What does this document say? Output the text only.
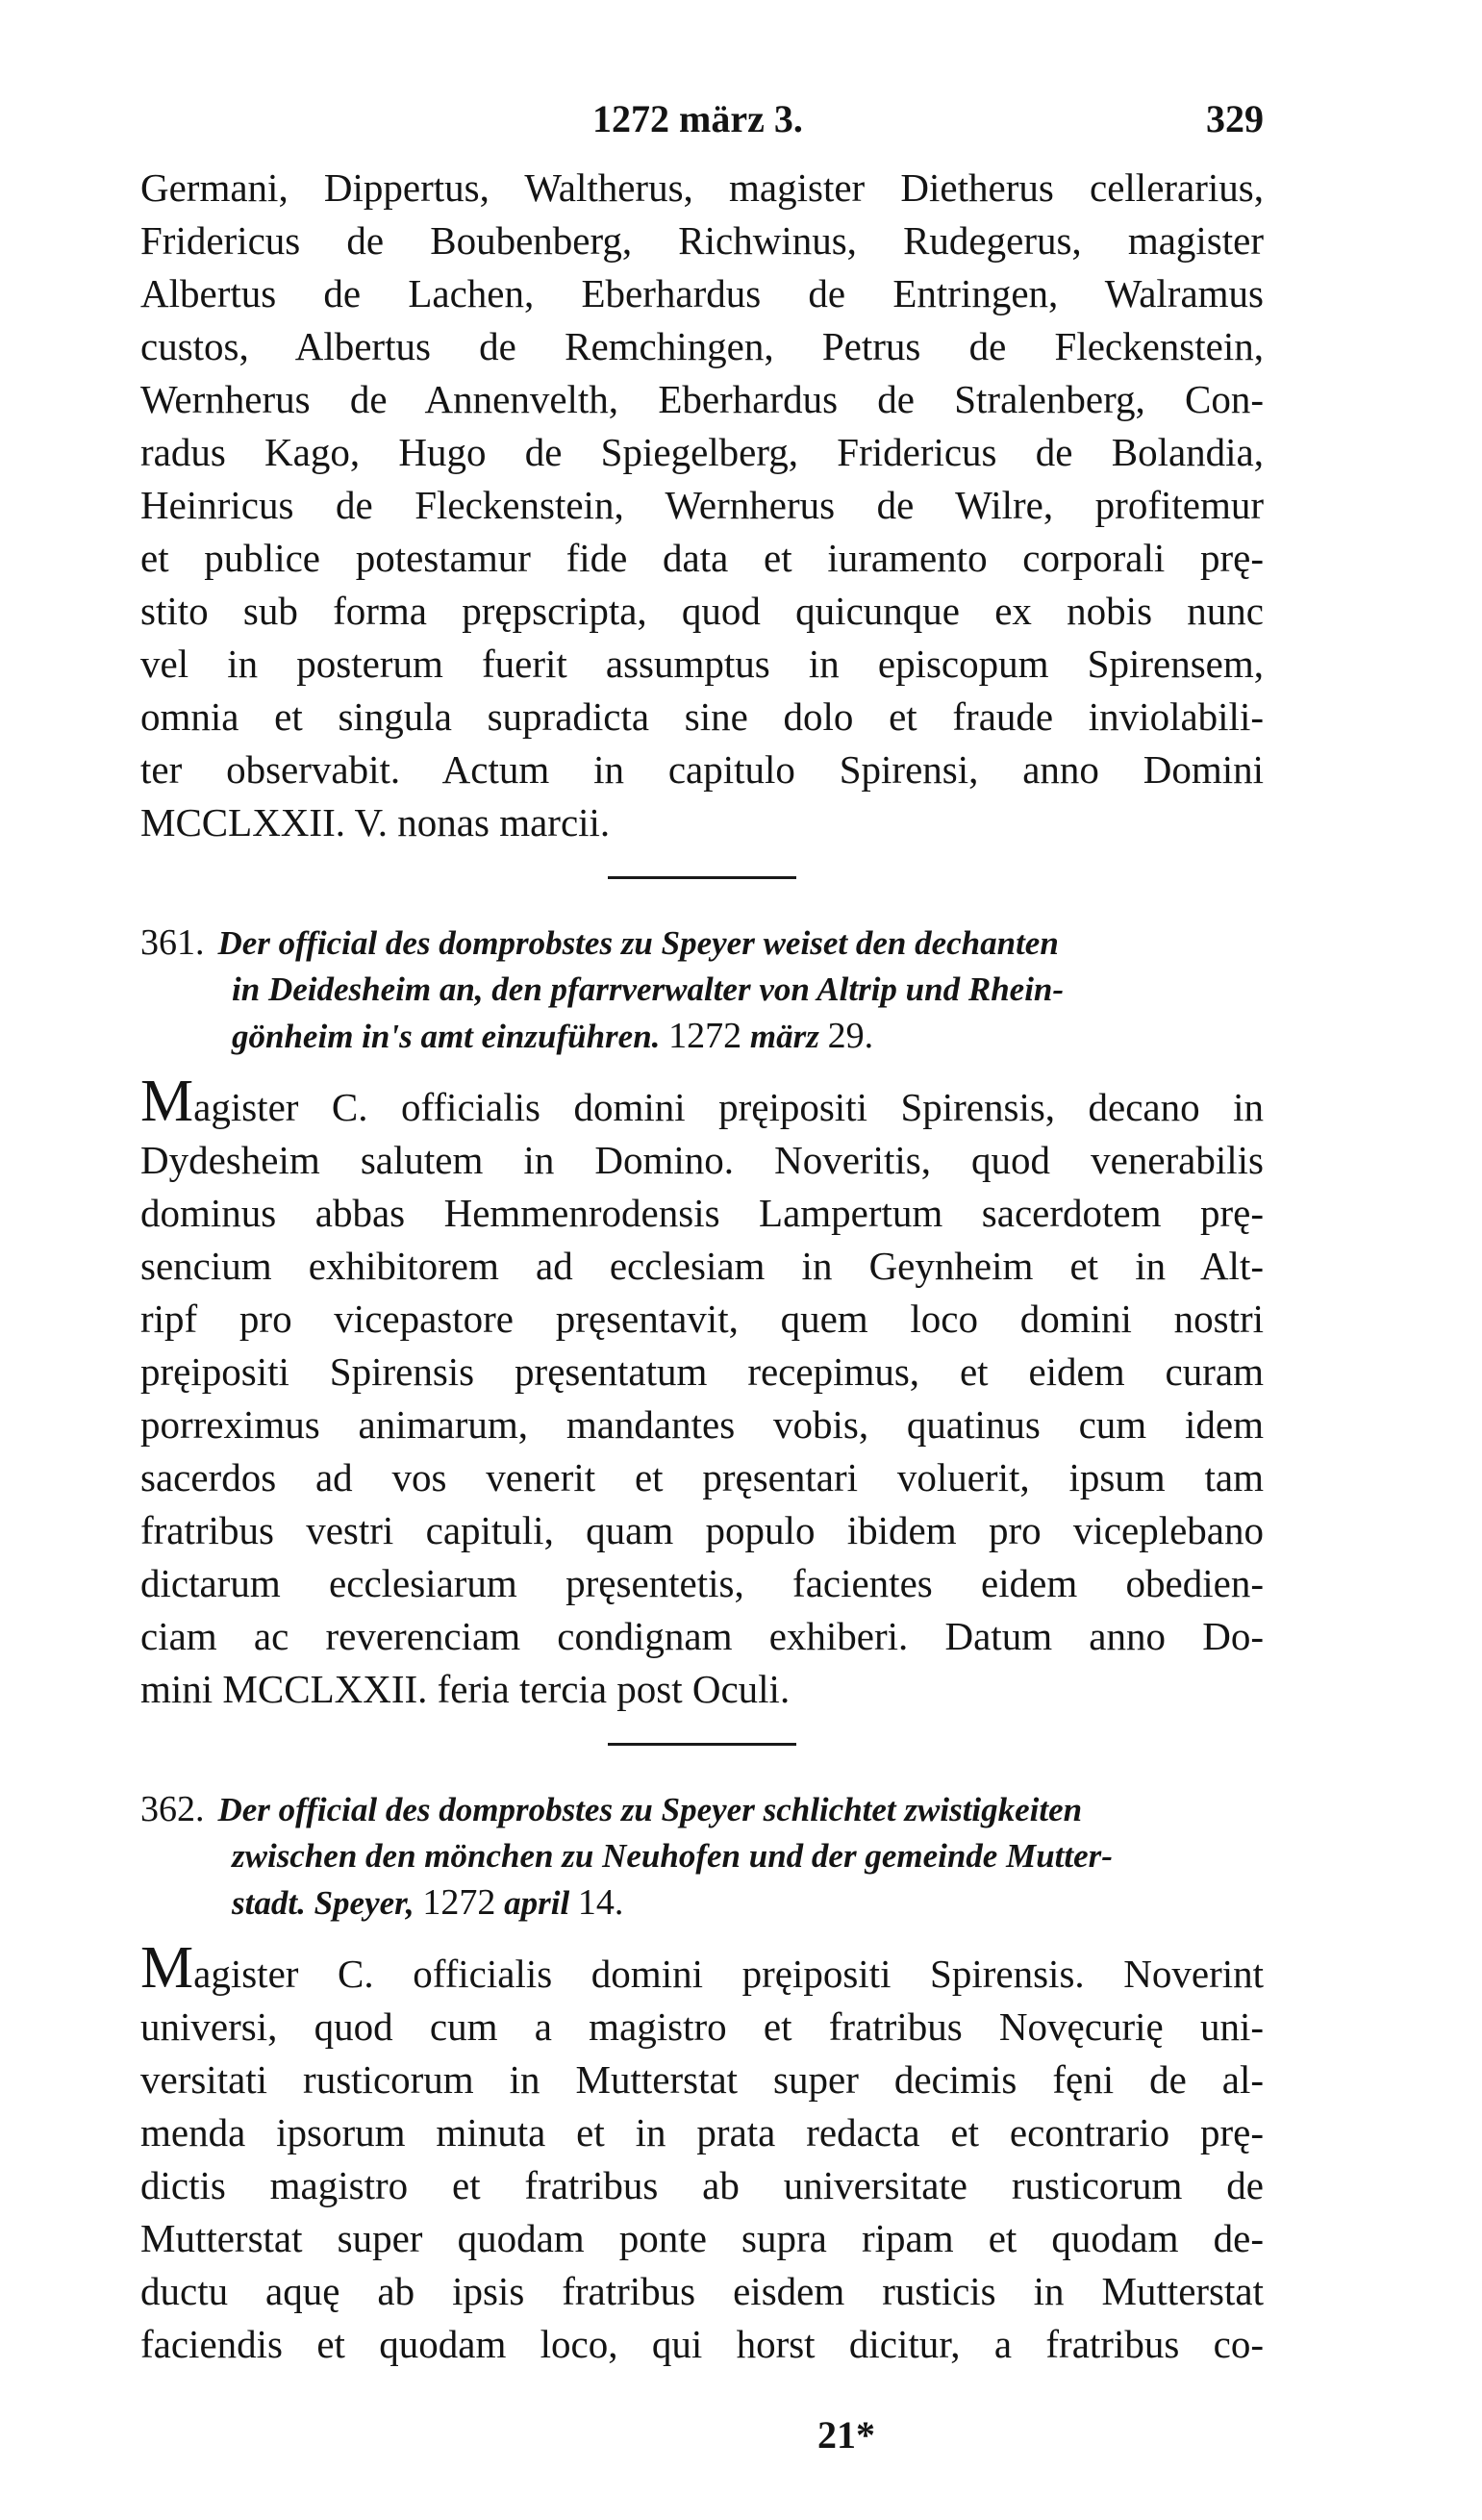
1272 märz 3.	329
Germani, Dippertus, Waltherus, magister Dietherus cellerarius,
Fridericus de Boubenberg, Richwinus, Rudegerus, magister
Albertus de Lachen, Eberhardus de Entringen, Walramus
custos, Albertus de Remchingen, Petrus de Fleckenstein,
Wernherus de Annenvelth, Eberhardus de Stralenberg, Con-
radus Kago, Hugo de Spiegelberg, Fridericus de Bolandia,
Heinricus de Fleckenstein, Wernherus de Wilre, profitemur
et publice potestamur fide data et iuramento corporali prę-
stito sub forma prępscripta, quod quicunque ex nobis nunc
vel in posterum fuerit assumptus in episcopum Spirensem,
omnia et singula supradicta sine dolo et fraude inviolabili-
ter observabit. Actum in capitulo Spirensi, anno Domini
MCCLXXII. V. nonas marcii.
361. Der official des domprobstes zu Speyer weiset den dechanten
in Deidesheim an, den pfarrverwalter von Altrip und Rhein-
gönheim in's amt einzuführen. 1272 märz 29.
Magister C. officialis domini pręipositi Spirensis, decano in
Dydesheim salutem in Domino. Noveritis, quod venerabilis
dominus abbas Hemmenrodensis Lampertum sacerdotem prę-
sencium exhibitorem ad ecclesiam in Geynheim et in Alt-
ripf pro vicepastore pręsentavit, quem loco domini nostri
pręipositi Spirensis pręsentatum recepimus, et eidem curam
porreximus animarum, mandantes vobis, quatinus cum idem
sacerdos ad vos venerit et pręsentari voluerit, ipsum tam
fratribus vestri capituli, quam populo ibidem pro viceplebano
dictarum ecclesiarum pręsentetis, facientes eidem obedien-
ciam ac reverenciam condignam exhiberi. Datum anno Do-
mini MCCLXXII. feria tercia post Oculi.
362. Der official des domprobstes zu Speyer schlichtet zwistigkeiten
zwischen den mönchen zu Neuhofen und der gemeinde Mutter-
stadt. Speyer, 1272 april 14.
Magister C. officialis domini pręipositi Spirensis. Noverint
universi, quod cum a magistro et fratribus Novęcurię uni-
versitati rusticorum in Mutterstat super decimis fęni de al-
menda ipsorum minuta et in prata redacta et econtrario prę-
dictis magistro et fratribus ab universitate rusticorum de
Mutterstat super quodam ponte supra ripam et quodam de-
ductu aquę ab ipsis fratribus eisdem rusticis in Mutterstat
faciendis et quodam loco, qui horst dicitur, a fratribus co-
21*
